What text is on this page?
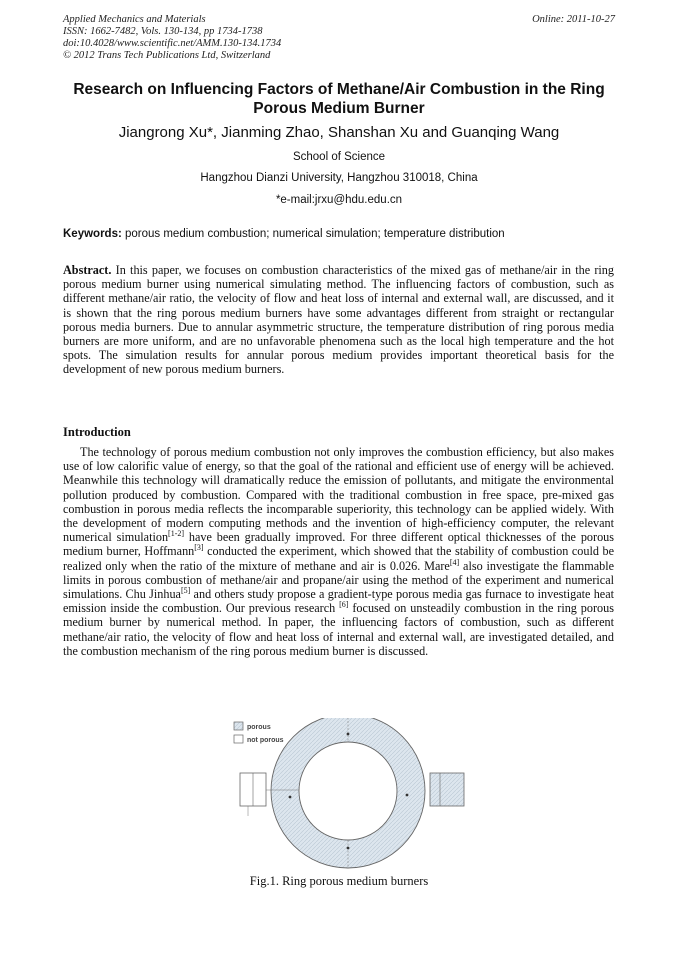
Applied Mechanics and Materials
ISSN: 1662-7482, Vols. 130-134, pp 1734-1738
doi:10.4028/www.scientific.net/AMM.130-134.1734
© 2012 Trans Tech Publications Ltd, Switzerland
Online: 2011-10-27
Research on Influencing Factors of Methane/Air Combustion in the Ring
Porous Medium Burner
Jiangrong Xu*, Jianming Zhao, Shanshan Xu and Guanqing Wang
School of Science
Hangzhou Dianzi University, Hangzhou 310018, China
*e-mail:jrxu@hdu.edu.cn
Keywords: porous medium combustion; numerical simulation; temperature distribution
Abstract. In this paper, we focuses on combustion characteristics of the mixed gas of methane/air in the ring porous medium burner using numerical simulating method. The influencing factors of combustion, such as different methane/air ratio, the velocity of flow and heat loss of internal and external wall, are discussed, and it is shown that the ring porous medium burners have some advantages different from straight or rectangular porous media burners. Due to annular asymmetric structure, the temperature distribution of ring porous media burners are more uniform, and are no unfavorable phenomena such as the local high temperature and the hot spots. The simulation results for annular porous medium provides important theoretical basis for the development of new porous medium burners.
Introduction
The technology of porous medium combustion not only improves the combustion efficiency, but also makes use of low calorific value of energy, so that the goal of the rational and efficient use of energy will be achieved. Meanwhile this technology will dramatically reduce the emission of pollutants, and mitigate the environmental pollution produced by combustion. Compared with the traditional combustion in free space, pre-mixed gas combustion in porous media reflects the incomparable superiority, this technology can be applied widely. With the development of modern computing methods and the invention of high-efficiency computer, the relevant numerical simulation[1-2] have been gradually improved. For three different optical thicknesses of the porous medium burner, Hoffmann[3] conducted the experiment, which showed that the stability of combustion could be realized only when the ratio of the mixture of methane and air is 0.026. Mare[4] also investigate the flammable limits in porous combustion of methane/air and propane/air using the method of the experiment and numerical simulations. Chu Jinhua[5] and others study propose a gradient-type porous media gas furnace to investigate heat emission inside the combustion. Our previous research [6] focused on unsteadily combustion in the ring porous medium burner by numerical method. In paper, the influencing factors of combustion, such as different methane/air ratio, the velocity of flow and heat loss of internal and external wall, are investigated detailed, and the combustion mechanism of the ring porous medium burner is discussed.
porous
not porous
Fig.1. Ring porous medium burners
